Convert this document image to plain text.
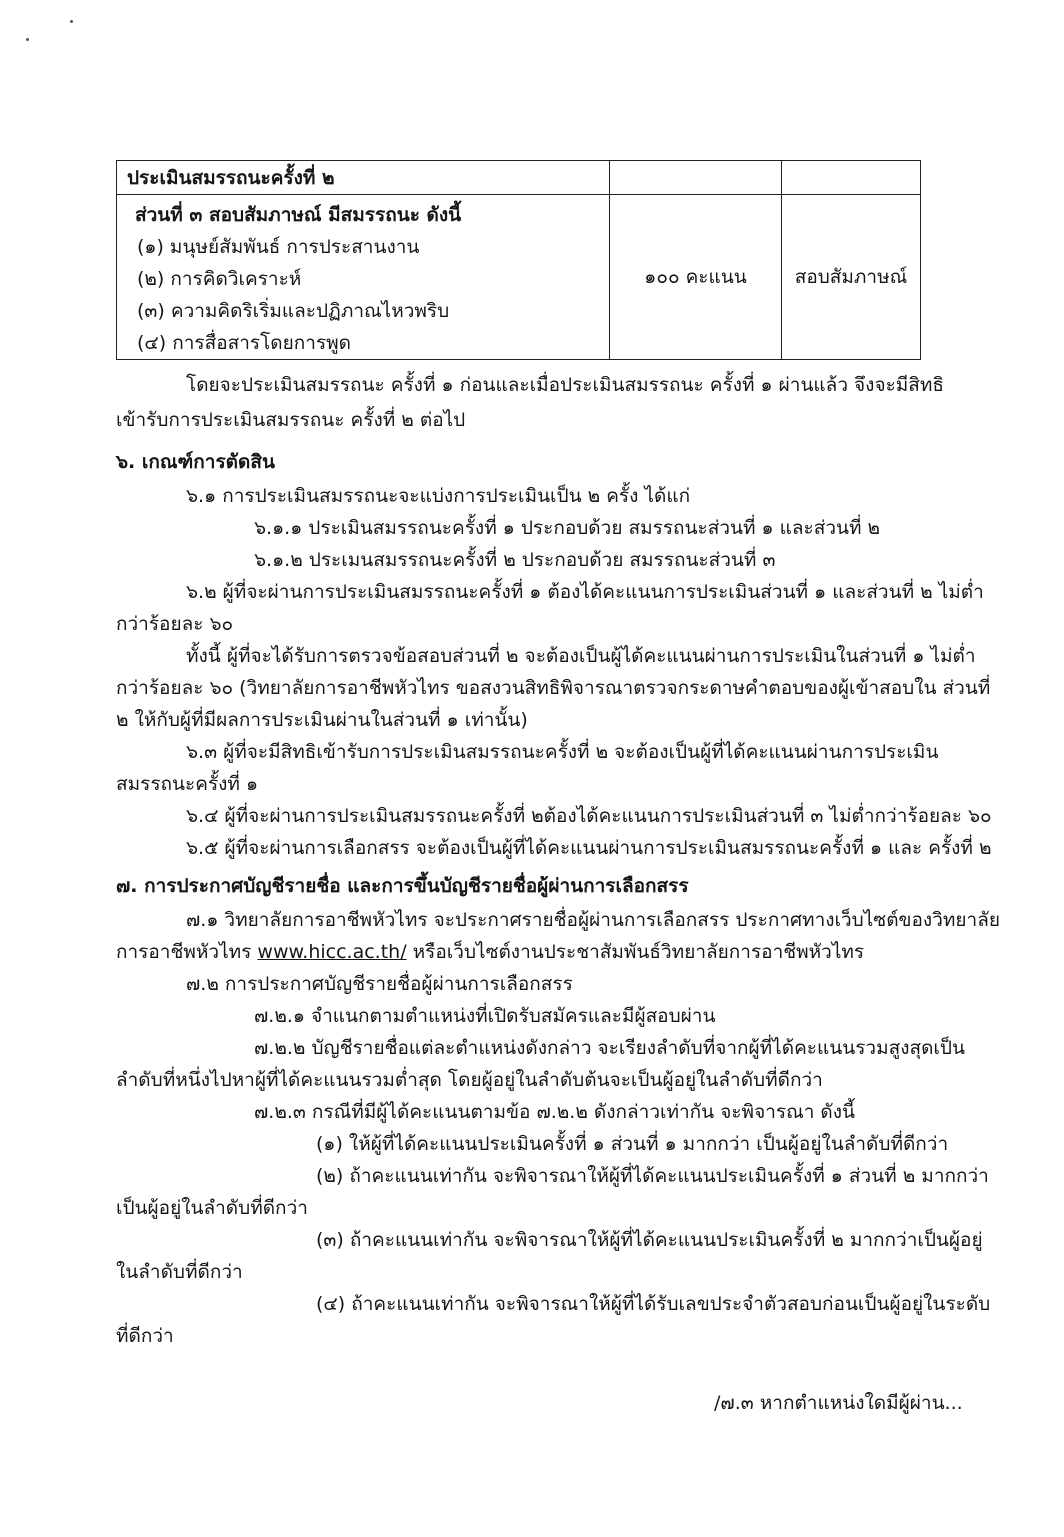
ประเมินสมรรถนะครั้งที่ ๒		

ส่วนที่ ๓ สอบสัมภาษณ์ มีสมรรถนะ ดังนี้
(๑) มนุษย์สัมพันธ์ การประสานงาน
(๒) การคิดวิเคราะห์
(๓) ความคิดริเริ่มและปฏิภาณไหวพริบ
(๔) การสื่อสารโดยการพูด	๑๐๐ คะแนน	สอบสัมภาษณ์
โดยจะประเมินสมรรถนะ ครั้งที่ ๑ ก่อนและเมื่อประเมินสมรรถนะ ครั้งที่ ๑ ผ่านแล้ว จึงจะมีสิทธิ
เข้ารับการประเมินสมรรถนะ ครั้งที่ ๒ ต่อไป
๖. เกณฑ์การตัดสิน
๖.๑ การประเมินสมรรถนะจะแบ่งการประเมินเป็น ๒ ครั้ง ได้แก่
๖.๑.๑ ประเมินสมรรถนะครั้งที่ ๑ ประกอบด้วย สมรรถนะส่วนที่ ๑ และส่วนที่ ๒
๖.๑.๒ ประเมนสมรรถนะครั้งที่ ๒ ประกอบด้วย สมรรถนะส่วนที่ ๓
๖.๒ ผู้ที่จะผ่านการประเมินสมรรถนะครั้งที่ ๑ ต้องได้คะแนนการประเมินส่วนที่ ๑ และส่วนที่ ๒ ไม่ต่ำ
กว่าร้อยละ ๖๐
ทั้งนี้ ผู้ที่จะได้รับการตรวจข้อสอบส่วนที่ ๒ จะต้องเป็นผู้ได้คะแนนผ่านการประเมินในส่วนที่ ๑ ไม่ต่ำ
กว่าร้อยละ ๖๐ (วิทยาลัยการอาชีพหัวไทร ขอสงวนสิทธิพิจารณาตรวจกระดาษคำตอบของผู้เข้าสอบใน ส่วนที่
๒ ให้กับผู้ที่มีผลการประเมินผ่านในส่วนที่ ๑ เท่านั้น)
๖.๓ ผู้ที่จะมีสิทธิเข้ารับการประเมินสมรรถนะครั้งที่ ๒ จะต้องเป็นผู้ที่ได้คะแนนผ่านการประเมิน
สมรรถนะครั้งที่ ๑
๖.๔ ผู้ที่จะผ่านการประเมินสมรรถนะครั้งที่ ๒ต้องได้คะแนนการประเมินส่วนที่ ๓ ไม่ต่ำกว่าร้อยละ ๖๐
๖.๕ ผู้ที่จะผ่านการเลือกสรร จะต้องเป็นผู้ที่ได้คะแนนผ่านการประเมินสมรรถนะครั้งที่ ๑ และ ครั้งที่ ๒
๗. การประกาศบัญชีรายชื่อ และการขึ้นบัญชีรายชื่อผู้ผ่านการเลือกสรร
๗.๑ วิทยาลัยการอาชีพหัวไทร จะประกาศรายชื่อผู้ผ่านการเลือกสรร ประกาศทางเว็บไซต์ของวิทยาลัย
การอาชีพหัวไทร www.hicc.ac.th/ หรือเว็บไซต์งานประชาสัมพันธ์วิทยาลัยการอาชีพหัวไทร
๗.๒ การประกาศบัญชีรายชื่อผู้ผ่านการเลือกสรร
๗.๒.๑ จำแนกตามตำแหน่งที่เปิดรับสมัครและมีผู้สอบผ่าน
๗.๒.๒ บัญชีรายชื่อแต่ละตำแหน่งดังกล่าว จะเรียงลำดับที่จากผู้ที่ได้คะแนนรวมสูงสุดเป็น
ลำดับที่หนึ่งไปหาผู้ที่ได้คะแนนรวมต่ำสุด โดยผู้อยู่ในลำดับต้นจะเป็นผู้อยู่ในลำดับที่ดีกว่า
๗.๒.๓ กรณีที่มีผู้ได้คะแนนตามข้อ ๗.๒.๒ ดังกล่าวเท่ากัน จะพิจารณา ดังนี้
(๑) ให้ผู้ที่ได้คะแนนประเมินครั้งที่ ๑ ส่วนที่ ๑ มากกว่า เป็นผู้อยู่ในลำดับที่ดีกว่า
(๒) ถ้าคะแนนเท่ากัน จะพิจารณาให้ผู้ที่ได้คะแนนประเมินครั้งที่ ๑ ส่วนที่ ๒ มากกว่า
เป็นผู้อยู่ในลำดับที่ดีกว่า
(๓) ถ้าคะแนนเท่ากัน จะพิจารณาให้ผู้ที่ได้คะแนนประเมินครั้งที่ ๒ มากกว่าเป็นผู้อยู่
ในลำดับที่ดีกว่า
(๔) ถ้าคะแนนเท่ากัน จะพิจารณาให้ผู้ที่ได้รับเลขประจำตัวสอบก่อนเป็นผู้อยู่ในระดับ
ที่ดีกว่า
/๗.๓ หากตำแหน่งใดมีผู้ผ่าน...
